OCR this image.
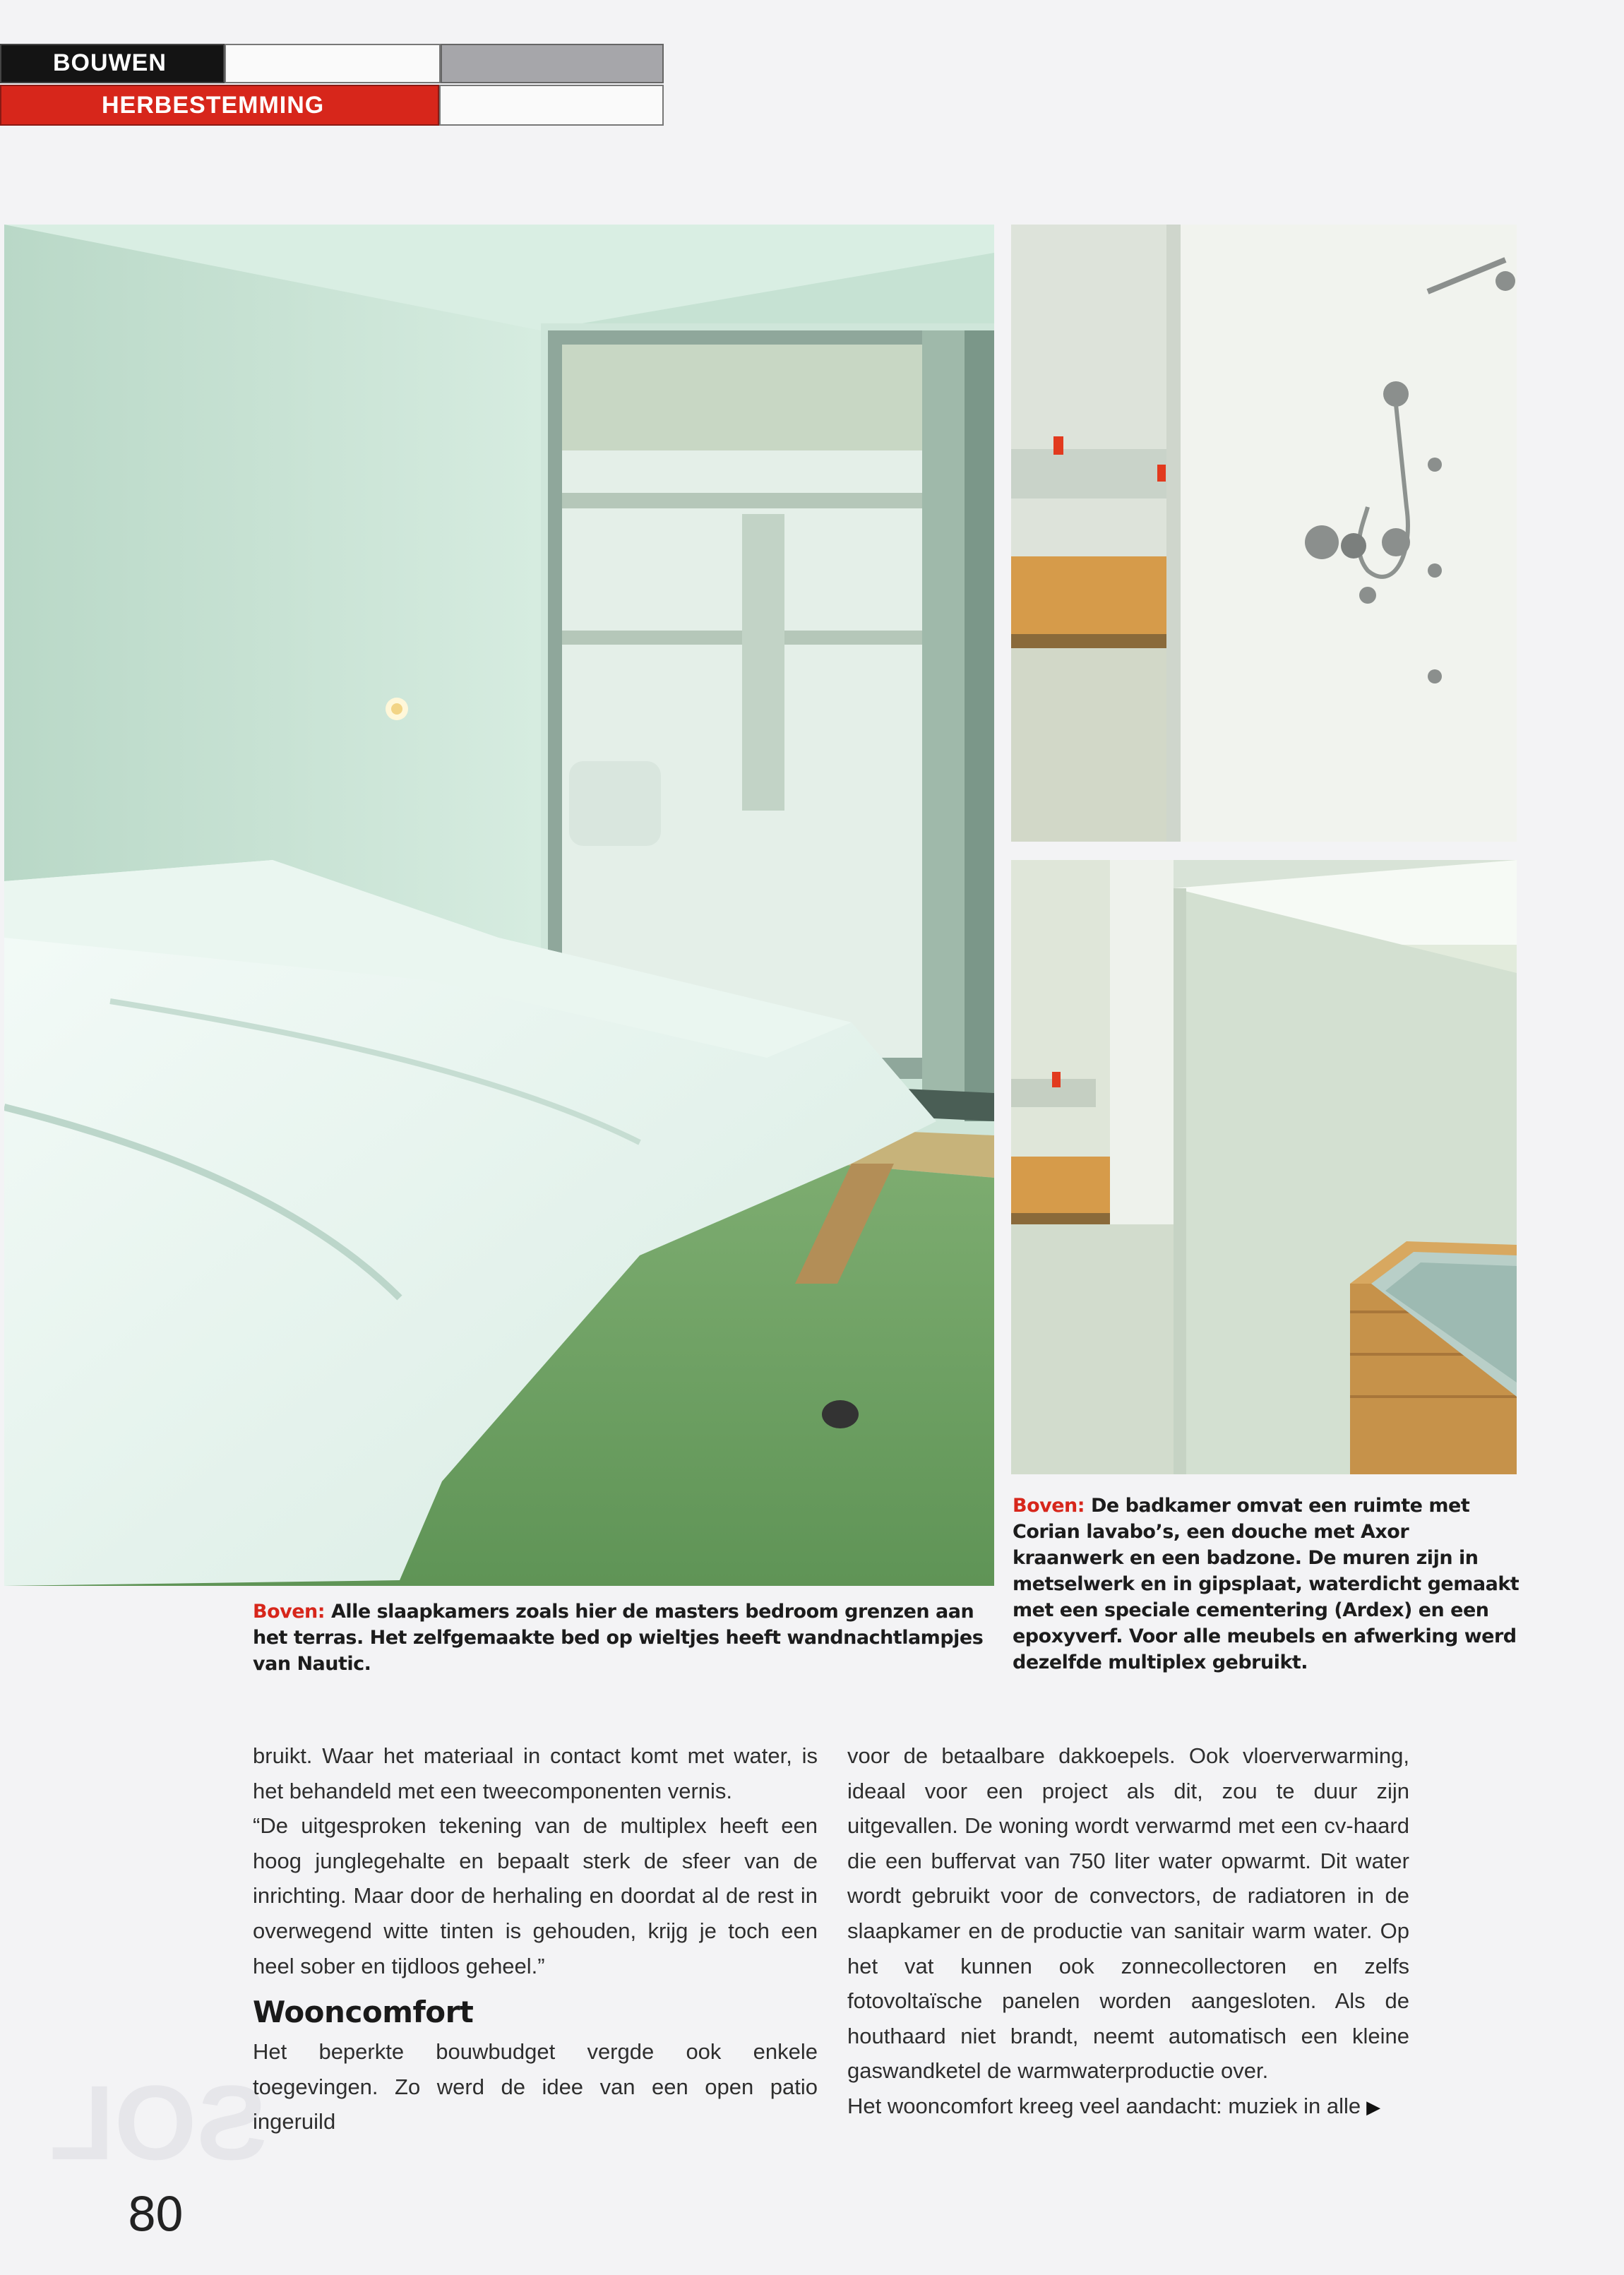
SOL
BOUWEN
HERBESTEMMING
Boven: Alle slaapkamers zoals hier de masters bedroom grenzen aan het terras. Het zelfgemaakte bed op wieltjes heeft wandnachtlampjes van Nautic.
Boven: De badkamer omvat een ruimte met Corian lavabo’s, een douche met Axor kraanwerk en een badzone. De muren zijn in metselwerk en in gipsplaat, waterdicht gemaakt met een speciale cementering (Ardex) en een epoxyverf. Voor alle meubels en afwerking werd dezelfde multiplex gebruikt.

bruikt. Waar het materiaal in contact komt met water, is het behandeld met een tweecomponenten vernis.

“De uitgesproken tekening van de multiplex heeft een hoog junglegehalte en bepaalt sterk de sfeer van de inrichting. Maar door de herhaling en doordat al de rest in overwegend witte tinten is gehouden, krijg je toch een heel sober en tijdloos geheel.”

Wooncomfort

Het beperkte bouwbudget vergde ook enkele toegevingen. Zo werd de idee van een open patio ingeruild

voor de betaalbare dakkoepels. Ook vloerverwarming, ideaal voor een project als dit, zou te duur zijn uitgevallen. De woning wordt verwarmd met een cv-haard die een buffervat van 750 liter water opwarmt. Dit water wordt gebruikt voor de convectors, de radiatoren in de slaapkamer en de productie van sanitair warm water. Op het vat kunnen ook zonnecollectoren en zelfs fotovoltaïsche panelen worden aangesloten. Als de houthaard niet brandt, neemt automatisch een kleine gaswandketel de warmwaterproductie over.

Het wooncomfort kreeg veel aandacht: muziek in alle ▶

80
